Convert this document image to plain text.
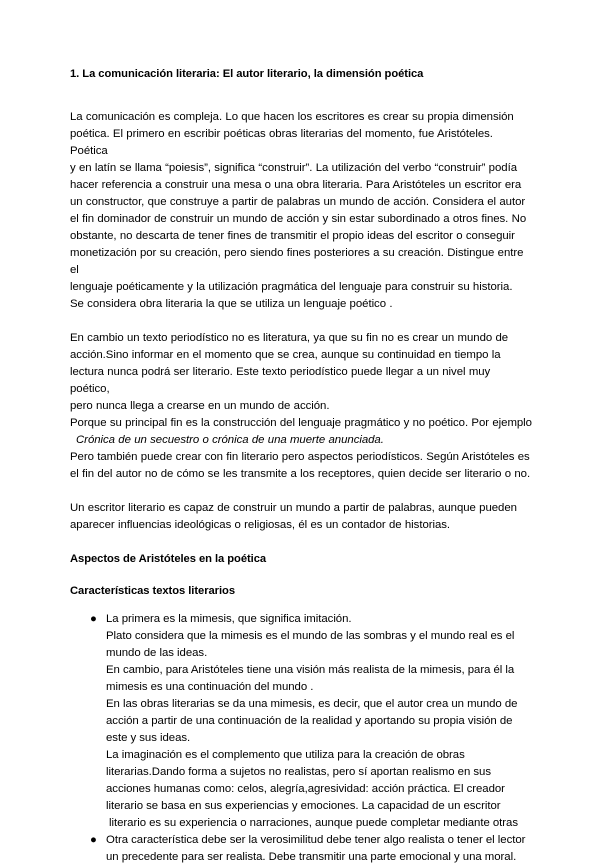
1. La comunicación literaria: El autor literario, la dimensión poética

La comunicación es compleja. Lo que hacen los escritores es crear su propia dimensión
poética. El primero en escribir poéticas obras literarias del momento, fue Aristóteles. Poética
y en latín se llama “poiesis”, significa “construir”. La utilización del verbo “construir” podía
hacer referencia a construir una mesa o una obra literaria. Para Aristóteles un escritor era
un constructor, que construye a partir de palabras un mundo de acción. Considera el autor
el fin dominador de construir un mundo de acción y sin estar subordinado a otros fines. No
obstante, no descarta de tener fines de transmitir el propio ideas del escritor o conseguir
monetización por su creación, pero siendo fines posteriores a su creación. Distingue entre el
lenguaje poéticamente y la utilización pragmática del lenguaje para construir su historia.
Se considera obra literaria la que se utiliza un lenguaje poético .

En cambio un texto periodístico no es literatura, ya que su fin no es crear un mundo de
acción.Sino informar en el momento que se crea, aunque su continuidad en tiempo la
lectura nunca podrá ser literario. Este texto periodístico puede llegar a un nivel muy poético,
pero nunca llega a crearse en un mundo de acción.
Porque su principal fin es la construcción del lenguaje pragmático y no poético. Por ejemplo
Crónica de un secuestro o crónica de una muerte anunciada.
Pero también puede crear con fin literario pero aspectos periodísticos. Según Aristóteles es
el fin del autor no de cómo se les transmite a los receptores, quien decide ser literario o no.

Un escritor literario es capaz de construir un mundo a partir de palabras, aunque pueden
aparecer influencias ideológicas o religiosas, él es un contador de historias.

Aspectos de Aristóteles en la poética
Características textos literarios
● La primera es la mimesis, que significa imitación.
Plato considera que la mimesis es el mundo de las sombras y el mundo real es el
mundo de las ideas.
En cambio, para Aristóteles tiene una visión más realista de la mimesis, para él la
mimesis es una continuación del mundo .
En las obras literarias se da una mimesis, es decir, que el autor crea un mundo de
acción a partir de una continuación de la realidad y aportando su propia visión de
este y sus ideas.
La imaginación es el complemento que utiliza para la creación de obras
literarias.Dando forma a sujetos no realistas, pero sí aportan realismo en sus
acciones humanas como: celos, alegría,agresividad: acción práctica. El creador
literario se basa en sus experiencias y emociones. La capacidad de un escritor
literario es su experiencia o narraciones, aunque puede completar mediante otras
● Otra característica debe ser la verosimilitud debe tener algo realista o tener el lector
un precedente para ser realista. Debe transmitir una parte emocional y una moral.
